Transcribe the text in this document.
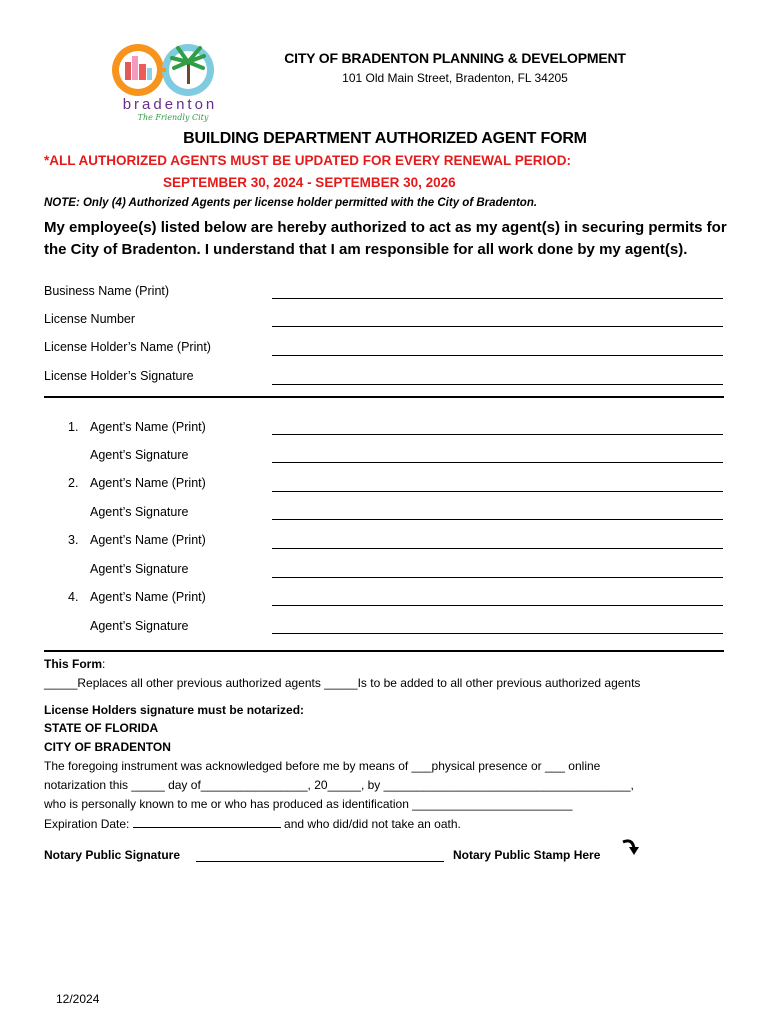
bradenton
The Friendly City
CITY OF BRADENTON PLANNING & DEVELOPMENT
101 Old Main Street, Bradenton, FL 34205
BUILDING DEPARTMENT AUTHORIZED AGENT FORM
*ALL AUTHORIZED AGENTS MUST BE UPDATED FOR EVERY RENEWAL PERIOD:
SEPTEMBER 30, 2024 - SEPTEMBER 30, 2026
NOTE: Only (4) Authorized Agents per license holder permitted with the City of Bradenton.
My employee(s) listed below are hereby authorized to act as my agent(s) in securing permits for the City of Bradenton. I understand that I am responsible for all work done by my agent(s).
Business Name (Print)
License Number
License Holder’s Name (Print)
License Holder’s Signature
1. Agent’s Name (Print)
Agent’s Signature
2. Agent’s Name (Print)
Agent’s Signature
3. Agent’s Name (Print)
Agent’s Signature
4. Agent’s Name (Print)
Agent’s Signature
This Form:
_____Replaces all other previous authorized agents _____Is to be added to all other previous authorized agents
License Holders signature must be notarized:
STATE OF FLORIDA
CITY OF BRADENTON
The foregoing instrument was acknowledged before me by means of ___physical presence or ___ online
notarization this _____ day of________________, 20_____, by _____________________________________,
who is personally known to me or who has produced as identification ________________________
Expiration Date:	and who did/did not take an oath.
Notary Public Signature	Notary Public Stamp Here
12/2024
